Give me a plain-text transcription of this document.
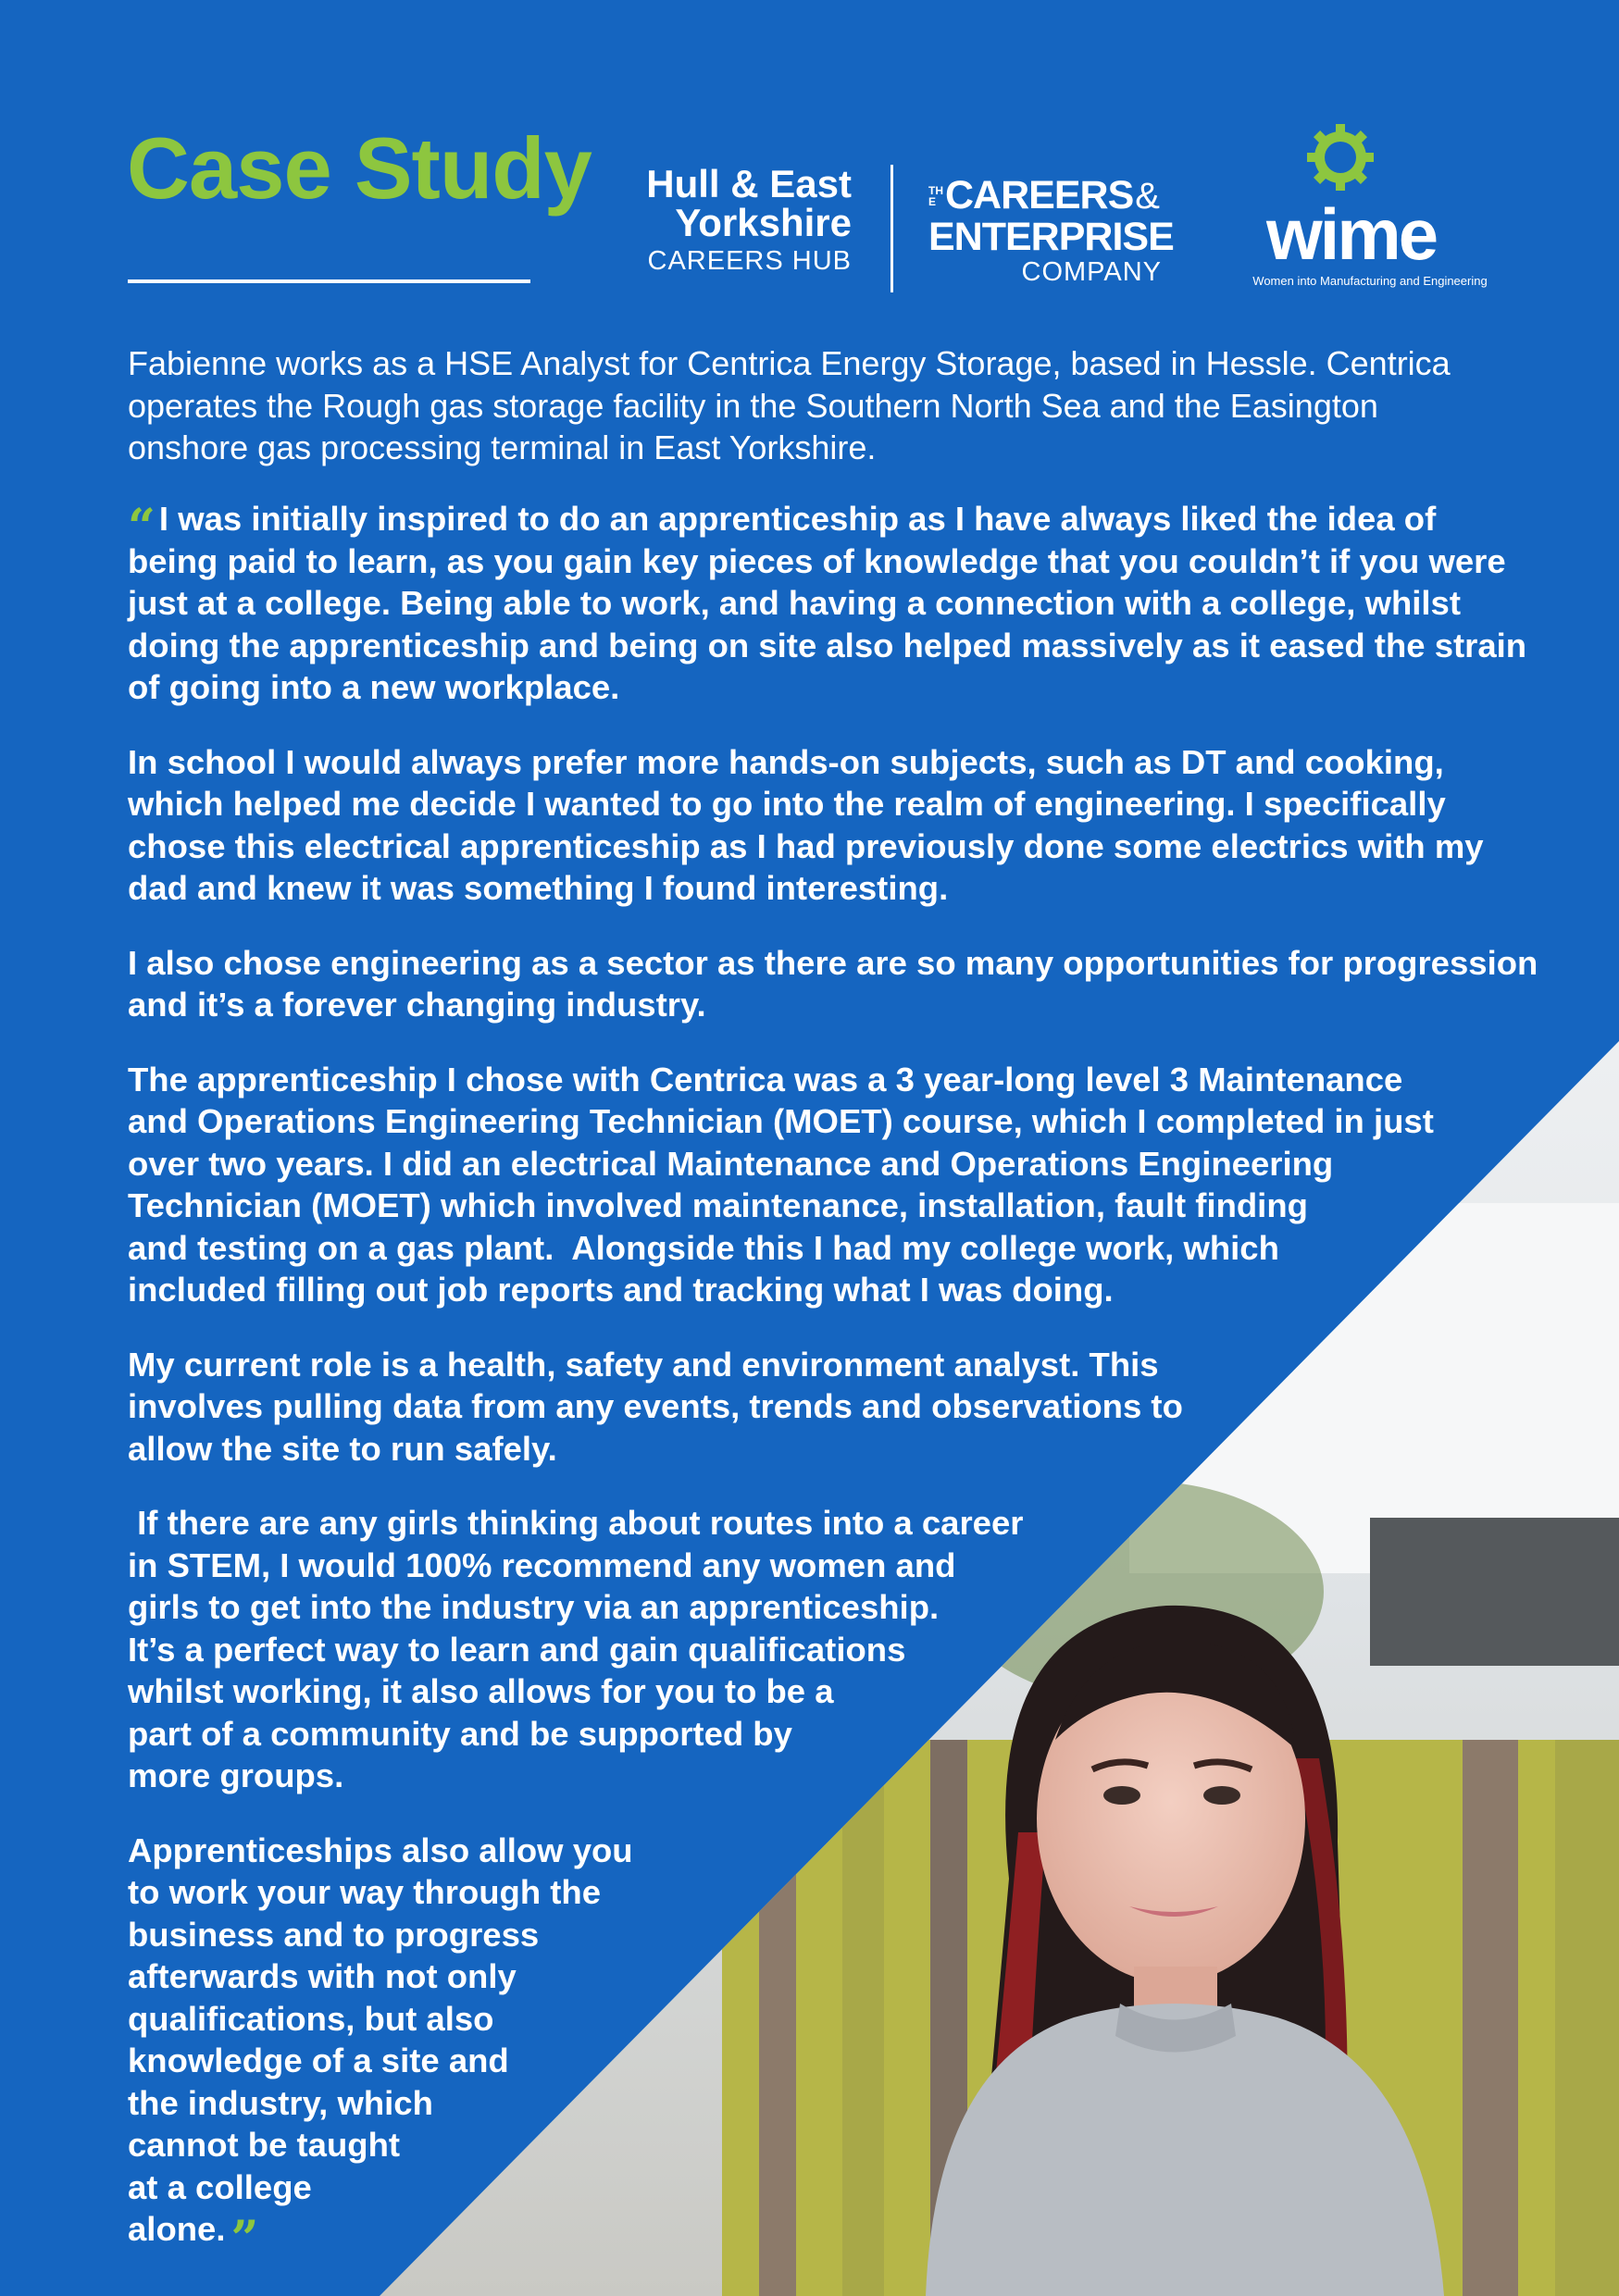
Case Study	Hull & East
Yorkshire
CAREERS HUB
THE CAREERS &
ENTERPRISE
COMPANY wime
Women into Manufacturing and Engineering

Fabienne works as a HSE Analyst for Centrica Energy Storage, based in Hessle. Centrica operates the Rough gas storage facility in the Southern North Sea and the Easington onshore gas processing terminal in East Yorkshire.

“ I was initially inspired to do an apprenticeship as I have always liked the idea of
being paid to learn, as you gain key pieces of knowledge that you couldn’t if you were
just at a college. Being able to work, and having a connection with a college, whilst
doing the apprenticeship and being on site also helped massively as it eased the strain
of going into a new workplace.

In school I would always prefer more hands-on subjects, such as DT and cooking,
which helped me decide I wanted to go into the realm of engineering. I specifically
chose this electrical apprenticeship as I had previously done some electrics with my
dad and knew it was something I found interesting.

I also chose engineering as a sector as there are so many opportunities for progression
and it’s a forever changing industry.

The apprenticeship I chose with Centrica was a 3 year-long level 3 Maintenance
and Operations Engineering Technician (MOET) course, which I completed in just
over two years. I did an electrical Maintenance and Operations Engineering
Technician (MOET) which involved maintenance, installation, fault finding
and testing on a gas plant.  Alongside this I had my college work, which
included filling out job reports and tracking what I was doing.

My current role is a health, safety and environment analyst. This
involves pulling data from any events, trends and observations to
allow the site to run safely.

If there are any girls thinking about routes into a career
in STEM, I would 100% recommend any women and
girls to get into the industry via an apprenticeship.
It’s a perfect way to learn and gain qualifications
whilst working, it also allows for you to be a
part of a community and be supported by
more groups.

Apprenticeships also allow you
to work your way through the
business and to progress
afterwards with not only
qualifications, but also
knowledge of a site and
the industry, which
cannot be taught
at a college
alone. ”
